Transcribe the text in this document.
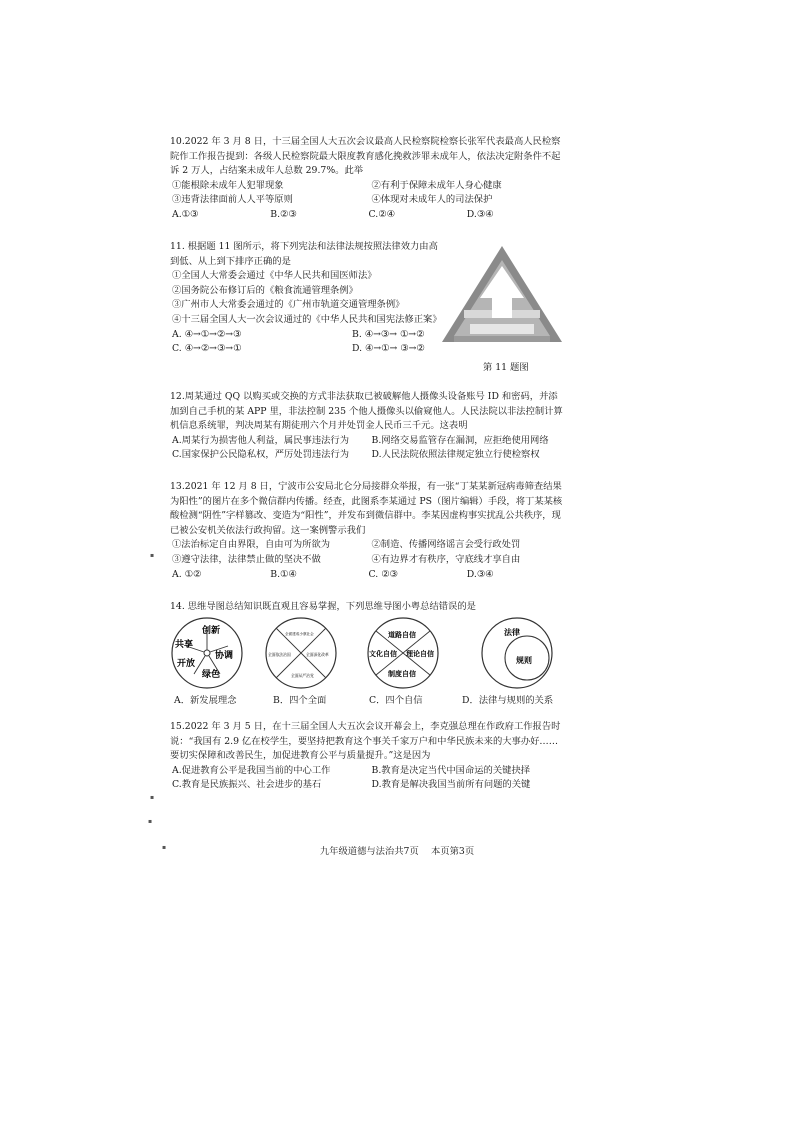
10.2022 年 3 月 8 日，十三届全国人大五次会议最高人民检察院检察长张军代表最高人民检察院作工作报告提到：各级人民检察院最大限度教育感化挽救涉罪未成年人，依法决定附条件不起诉 2 万人，占结案未成年人总数 29.7%。此举

①能根除未成年人犯罪现象	②有利于保障未成年人身心健康
③违背法律面前人人平等原则	④体现对未成年人的司法保护
A.①③	B.②③	C.②④	D.③④

11. 根据题 11 图所示，将下列宪法和法律法规按照法律效力由高到低、从上到下排序正确的是

①全国人大常委会通过《中华人民共和国医师法》

②国务院公布修订后的《粮食流通管理条例》

③广州市人大常委会通过的《广州市轨道交通管理条例》

④十三届全国人大一次会议通过的《中华人民共和国宪法修正案》

A. ④→①→②→③	B. ④→③→ ①→②
C. ④→②→③→①	D. ④→①→ ③→②
第 11 题图

12.周某通过 QQ 以购买或交换的方式非法获取已被破解他人摄像头设备账号 ID 和密码，并添加到自己手机的某 APP 里，非法控制 235 个他人摄像头以偷窥他人。人民法院以非法控制计算机信息系统罪，判决周某有期徒刑六个月并处罚金人民币三千元。这表明

A.周某行为损害他人利益，属民事违法行为	B.网络交易监管存在漏洞，应拒绝使用网络
C.国家保护公民隐私权，严厉处罚违法行为	D.人民法院依照法律规定独立行使检察权

13.2021 年 12 月 8 日，宁波市公安局北仑分局接群众举报，有一张“丁某某新冠病毒筛查结果为阳性”的图片在多个微信群内传播。经查，此图系李某通过 PS（图片编辑）手段，将丁某某核酸检测“阴性”字样篡改、变造为“阳性”，并发布到微信群中。李某因虚构事实扰乱公共秩序，现已被公安机关依法行政拘留。这一案例警示我们

①法治标定自由界限，自由可为所欲为	②制造、传播网络谣言会受行政处罚
③遵守法律，法律禁止做的坚决不做	④有边界才有秩序，守底线才享自由
A. ①②	B.①④	C. ②③	D.③④

14. 思维导图总结知识既直观且容易掌握，下列思维导图小粤总结错误的是

创新
共享
协调
开放
绿色
A．新发展理念
全面建成小康社会
全面深化改革
全面依法治国
全面从严治党
B．四个全面
道路自信
文化自信 理论自信
制度自信
C．四个自信
法律
规则
D．法律与规则的关系

15.2022 年 3 月 5 日，在十三届全国人大五次会议开幕会上，李克强总理在作政府工作报告时说：“我国有 2.9 亿在校学生，要坚持把教育这个事关千家万户和中华民族未来的大事办好……要切实保障和改善民生，加促进教育公平与质量提升。”这是因为

A.促进教育公平是我国当前的中心工作	B.教育是决定当代中国命运的关键抉择
C.教育是民族振兴、社会进步的基石	D.教育是解决我国当前所有问题的关键
▪
▪
▪
▪	九年级道德与法治共7页　 本页第3页
